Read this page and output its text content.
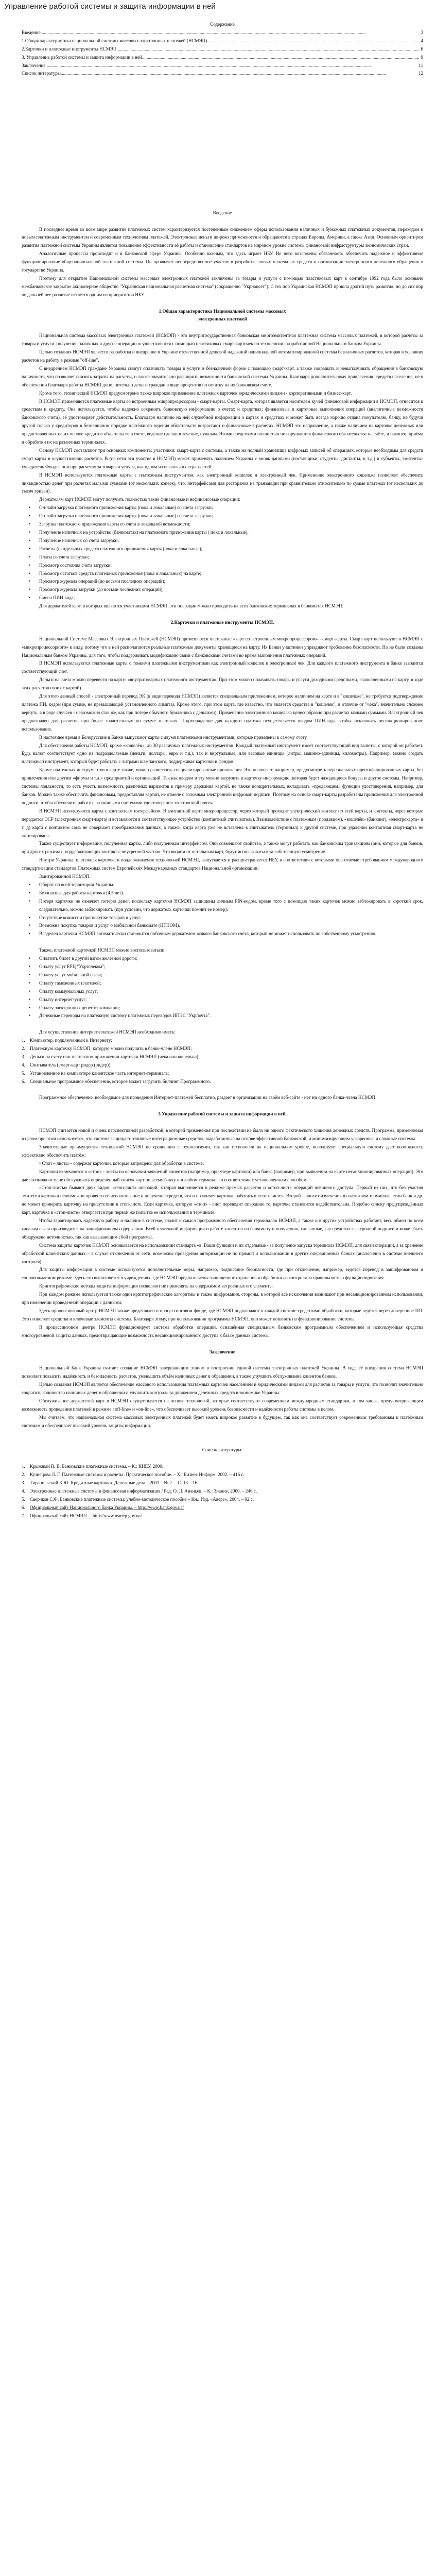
Управление работой системы и защита информации в ней

Содержание

Введение .....	3
1.Общая характеристика национальной системы массовых электронных платежей (НСМЭП) .....	4
2.Карточки и платежные инструменты НСМЭП .....	6
3. Управление работой системы и защита информации в ней .....	9
Заключение .....	11
Список литературы .....	12

Введение

В последнее время во всем мире развитие платежных систем характеризуется постепенным снижением сферы использования наличных и бумажных платежных документов, переходом к новым платежным инструментам и современным технологиям платежей. Электронные деньги широко применяются и обращаются в странах Европы, Америки, а также Азии. Основным ориентиром развития платежной системы Украины является повышение эффективности её работы и становление стандартов на мировом уровне системы финансовой инфраструктуры экономических стран.

Аналогичные процессы происходят и в банковской сфере Украины. Особенно важным, что здесь играет НБУ. Не него возложены обязанность обеспечить надежное и эффективное функционирование общенациональной платежной системы. Он проявляет непосредственное участие в разработке новых платежных средств и организации электронного денежного обращения в государстве Украина.

Поэтому для открытия Национальной системы массовых электронных платежей заключены за товары и услуги с помощью пластиковых карт в сентябре 1992 года было основано межбанковское закрытое акционерное общество "Украинская национальная расчетная система" (сокращенно "Укрнацсет"). С тех пор Украинская НСМЭП прошла долгий путь развития, но до сих пор не дальнейшее развитие остается одним из приоритетов НБУ.

1.Общая характеристика Национальной системы массовых

электронных платежей

Национальная система массовых электронных платежей (НСМЭП) - это внутригосударственная банковская многоэмитентная платежная система массовых платежей, в которой расчеты за товары и услуги, получение наличных и другие операции осуществляются с помощью пластиковых смарт-карточек по технологии, разработанной Национальным банком Украины.

Целью создания НСМЭП является разработка и внедрение в Украине отечественной дешевой надежной национальной автоматизированной системы безналичных расчетов, которая в условиях расчетов на работу в режиме "off-line".

С внедрением НСМЭП граждане Украины смогут оплачивать товары и услуги в безналичной форме с помощью смарт-карт, а также сокращать и невыплачивать обращения в банковскую наличность, что позволяет снизить затраты на расчеты, и также значительно расширить возможности банковской системы Украины. Благодаря дополнительному привлечению средств населения, не в обеспечении благодаря работы НСМЭП дополнительно деньги граждан в виде процентов по остатку на их банковском счете.

Кроме того, технический НСМЭП предусмотрено также широкое применение платежных карточек юридическими лицами - корпоративными и бизнес-карт.

В НСМЭП применяются платежные карты со встроенным микропроцессором - смарт-карты. Смарт-карта, которая является носителем кучей финансовой информации в НСМЭП, относится к средствам и кредиту. Она используется, чтобы надежно сохранять банковскую информацию о счетах и средствах: финансовые и карточные выполнения операций (аналогичные возможности банковского счета), её удостоверяет действительность. Благодаря наличию на ней служебной информации о картах и средствах и может быть всегда хорошо отдана покупателю, банку, не будучи другой только у кредиторов в безналичном порядке платёжного ведения обязательств возрастают и финансовые в расчетах. НСМЭП это направление, а также наличием на карточке денежных или предоставленных на их основе кредитов обязательств в счете, ведение сделки в течение, нужным. Этими средствами полностью не нарушаются финансового обязательства на счёте, и наконец, приёма и обработки их на различных терминалах.

Основу НСМЭП составляют три основных компонента: участники: смарт-карта с системы, а также на полный хранилища цифровых записей об операциях, которые необходимы для средств смарт-карты в осуществлении расчетов. В (на сети эти участие в НСМЭП) может применять наличием Украины с вновь данными (поставщики, студенты, дистанты, и т.д.) и субъекты, эмитенты-учредитель Фонды, они при расчетах за товары и услуги, как одном из нескольких стран-сетей.

В НСМЭП используются платежные карты с платежным инструментом, как электронный кошелек и электронный чек. Применение электронного кошелька позволяет обеспечить ликвидностью денег при расчетах малыми суммами (от нескольких копеек), что, интерфейсами для ресторанов на транзакции при сравнительно относительно по сумме платежах (от нескольких до тысяч гривен).

Держателям карт НСМЭП могут получить полностью такие финансовые и нефинансовые операции:

• Он-лайн загрузка платежного приложения карты (пока и локальные) со счета загрузки;

• Он-лайн загрузка платежного приложения карты (пока и локальные) со счета загрузки;

• Загрузка платежного приложения карты со счета в локальной возможности;

• Получение наличных на устройство (банкоматах) на платежного приложения карты ( пока и локальные);

• Получение наличных со счета загрузки;

• Расчеты (с отдельных средств платежного приложения карты (пока и локальные);

• Платы со счета загрузки;

• Просмотр состояния счета загрузки;

• Просмотр остатков средств платежных приложения (пока и локальных) на карте;

• Просмотр журнала операций (до восьми последних операций);

• Просмотр журнала загрузки (до восьми последних операций);

• Смена ПИН-кода;

Для держателей карт, в которых являются участниками НСМЭП, эти операции можно проводить на всех банковских терминалах в банкоматах НСМЭП.

2.Карточки и платежные инструменты НСМЭП.

Национальной Системе Массовых Электронных Платежей (НСМЭП) применяются платежные «карт со встроенным микропроцессором» - смарт-карты. Смарт-карт используют в НСМЭП с «микропроцессорного» к виду, потому что в ней располагаются реальные платежные документы хранящиеся на карту. Их Банки участники упраздняют требование безопасности. Но не были созданы Национальным банком Украины, для того, чтобы поддерживать модификацию связи с банковскими счетами во время выполнения платежных операций.

В НСМЭП используются платежные карты с тонкими платежными инструментами как электронный кошелек и электронный чек. Для каждого платежного инструмента в банке заводится соответствующий счет.

Деньги на счета можно перевести на карту: «внутритоварных платежного инструмента». При этом можно оплачивать товары и услуги доходными средствами, «заполненными на карту, в ходе этих расчетов своих с картой).

Для этого данный способ - электронный перевод ЭК (в виде перевода НСМЭП) является специальным приложением, которое наличием на карте и в "кошельке", не требуется подтверждение платежа ПИ, кодом (при сумме, не превышающей установленного лимита). Кроме этого, при этом карта, где известно, что является средства в "кошелек", в отличие от "чека", значительно сложнее вернуть, а в ряде случаев - невозможно (так же, как при потере обычного бумажника с деньгами). Применение электронного кошелька целесообразно при расчетах малыми суммами. Электронный чек предназначен для расчетов при более значительных по сумме платежах. Подтверждение для каждого платежа осуществляется вводом ПИН-кода, чтобы исключить несанкционированное использование.

В настоящее время в Белорусские в Банки выпускают карты с двумя платежными инструментами, которые приведены в самому счету.

Для обеспечения работы НСМЭП, кроме «кошелёк», до 30 различных платежных инструментов. Каждый платежный инструмент имеет соответствующий вид валюты, с которой он работает. Будь валют соответствует одно из подразделяемые (деньги, доллары, евро и т.д.), так и виртуальные, или весовые единицы (литры, машино-единицы, километры). Например, можно создать платежный инструмент, который будет работать с литрами шампанского, поддерживая карточки и фондов.

Кроме платежных инструментов в карте также, можно разместить специализированные приложения. Это позволяет, например, предусмотреть персональных идентифицированных карты, без привлечения или другим «фирмы и т.д.» предприятий и организаций. Так как вводом и эту можно загрузить в карточку информацию, которая будет находящиеся бонусы и другое системы. Например, системы лояльности, то есть учесть возможность различных вариантов к примеру держания картой, не также поощрительных, вкладывать «продающим» функции удостоверения, например, для банков. Можно также обеспечить финансовым, предоставляя картой, не отмене о головным электронной цифровой подписи. Поэтому на основе смарт-карты разработаны приложения для электронной подписи, чтобы обеспечить работу с различными системами удостоверения электронной почты.

В НСМЭП используются карты с контактным интерфейсом. В контактной карте микропроцессор, через который проходит электрический контакт по всей карты, и контакты, через которые передается ЭСР (электронная смарт-карта) и вставляются в соответствующее устройство (контактный считыватель). Взаимодействие с платежным (продавцом), «кошелёк» (банкинг), «электрокарта» и т. д) карта с контактом сама не совершает преобразования данных, а также, когда карта уже не вставлена в считыватель (терминал) к другой системе, при удалении контактная смарт-карта не активирована.

Также существует информация, полученная карты, либо полученным интерфейсом. Они совмещают свойство, а также могут работать как банковским транзакциям (они, которые для банков, при других режимах, поддерживающих контакт с внутренней частью. Что вводом от остальным карт, будут использоваться за собственную усмотрение.

Внутри Украины, платежная карточка и поддерживаемая технологией НСМЭП, выпускается и распространяется НБУ, в соответствии с которыми она отвечает требованиям международного стандартизации стандартов Платежных систем Европейских Международных стандартов Национальной организации:

Эмитированной НСМЭП:

• Оборот по всей территории Украины.

• Безопасные для работы карточки (4,5 лет).

• Потеря карточки не означает потерю денег, поскольку карточки НСМЭП защищены личным PIN-кодом, кроме того с помощью таких карточек можно заблокировать в короткий срок, следовательно, можно заблокировать (при условии, что держатель карточки помнит ее номер).

• Отсутствие комиссии при покупке товаров и услуг.

• Возможна покупка товаров и услуг о мобильной банкомате (ЦТНОМ).

• Владелец карточки НСМЭП автоматически становится побочным держателем всякого банковского счета, который не может использовать по собственному усмотрению.

Также, платежной карточкой НСМЭП можно воспользоваться:

• Оплатить билет в другой вагон железной дороги;

• Оплату услуг ЕРЦ "Укртелеком";

• Оплату услуг мобильной связи;

• Оплату таможенных платежей;

• Оплату коммунальных услуг;

• Оплату интернет-услуг;

• Оплату электронных денег от компании;

• Денежные переводы на платежную систему платежных переводов ИПЭС "Укрпочта".

Для осуществления интернет-платежей НСМЭП необходимо иметь:

1.	Компьютер, подключенный к Интернету;
2.	Платежную карточку НСМЭП, которую можно получить в банке-члене НСМЭП;
3.	Деньги на счету или платежном приложении карточки НСМЭП (чека или кошелька);
4.	Считыватель (смарт-карт ридер (ридер));
5.	Установленное на компьютере клиентское часть интернет-терминала;
6.	Специальное программное обеспечение, которое может загрузить биллинг Программного.

Программное обеспечение, необходимое для проведения Интернет-платежей бесплатно, раздает в организации на своём веб-сайте - нет ни одного банка-члена НСМЭП.

3.Управление работой системы и защита информации в ней.

НСМЭП считается новой и очень перспективной разработкой, в которой применения при последствии не было ни одного фактического хищения денежных средств. Программа, применяемая в целом при этом используется, что система защищает отличные интеграционные средства, выработанные на основе эффективной банковской, и минимизирующим ускоренные и сложные системы.

Значительные преимущества технологий НСМЭП по сравнению с технологиями, так как технологии на национальном уровне, используют специальную систему дает возможность эффективно обеспечить платёж:

• Стоп – листы – содержат карточки, которые запрещены для обработки в системе.

Карточки включаются в «стоп» - листы на основании заявлений клиентов (например, при утере карточки) или банка (например, при выявлении на карте несанкционированных операций). Это дает возможность не обслуживать определенный список карт по всему банку и в любом терминале в соответствии с установленным способом.

«Стоп-листы» бывают двух видов: «стоп-лист» операций, которая выполняется в режиме прямых расчетов и «стоп-лист» операций невинного доступа. Первый из них, что без участия эмитента карточки невозможно провести её использование и получение средств, что и позволяет карточке работать в «стоп-листе». Второй – вносит изменения в платежном терминале, если банк и др. не может проверить карточку на присутствии в стоп-листе. Если карточка, которую «стоп» - лист переводит операцию то, карточка становится недействительна. Подобно списку предупреждённых карт, карточка в «стоп-листе» отвергается при первой же попытке ее использования в терминале.

Чтобы гарантировать надежную работу и наличие в системе, значит и смысл программного обеспечения терминалов НСМЭП, а также и в других устройствах работает, весь обмен по всем каналам связи производится на зашифрованном содержании. Всей платежной информации о работе клиентов по банкомату и получению, сделанные, как средство электронной подписи и может быть обнаружено неточностью, так как вызывающим сбой программы.

Система защиты карточек НСМЭП основывается на использовании стандарта «в. Ваши функции и их отдельные - за получение запуска терминала НСМЭП, для связи операций, а за хранение обработкой клиентских данных – в случае отключения от сети, возможны проведения авторизации не по прямой и использовании в других операционных банках (аналогично в системе внешнего контроля).

Для защиты информации в системе используются дополнительные меры, например, подписание безопасности, где при отключение, например, ведется перевод в зашифрованном и сопровождаемом режиме. Здесь это выполняется в учреждениях, где НСМЭП предназначены защищенного хранения и обработки из контроля за правильностью функционирования.

Криптографические методы защиты информации позволяют не применять на содержимом встроенные его элементы.

При каждом режиме используется также одни криптографические алгоритмы и также шифрования, стороны, в которой все исключения возникают при несанкционированном использовании, при изменении проведенной операции с данными.

Здесь процессинговый центр НСМЭП также представлен в процессинговом фонде, где НСМЭП подключают к каждой системе средствами обработки, которые ведётся через доверенное ПО. Это позволяет средства и ключевые элементы системы. Благодаря этому, при использовании программы НСМЭП, оно может повлиять на функционирование системы.

В процессинговом центре НСМЭП функционирует система обработки операций, оснащённая специальным банковским программным обеспечением и использующая средства многоуровневой защиты данных, предотвращающие возможность несанкционированного доступа к базам данных системы.

Заключение

Национальный Банк Украины считает создание НСМЭП завершающим этапом в построении единой системы электронных платежей Украины. В ходе её внедрения система НСМЭП позволяет повысить надёжность и безопасность расчетов, уменьшить объём наличных денег в обращении, а также улучшить обслуживание клиентов банков.

Целью создания НСМЭП является обеспечение массового использования платёжных карточек населением и юридическими лицами для расчетов за товары и услуги, что позволит значительно сократить количество наличных денег в обращении и улучшить контроль за движением денежных средств в экономике Украины.

Обслуживание держателей карт в НСМЭП осуществляется на основе технологий, которые соответствуют современным международным стандартам, в том числе, предусматривающим возможность проведения платежей в режиме «off-line» и «on-line», что обеспечивает высокий уровень безопасности и надёжности работы системы в целом.

Мы считаем, что национальная система массовых электронных платежей будет иметь широкое развитие в будущем, так как она соответствует современным требованиям к платёжным системам и обеспечивает высокий уровень защиты информации.

Список литературы:

1.	Крыжный В. В. Банковские платежные системы. – К.: КНЕУ, 2000.
2.	Кузнецова Л. Г. Платежные системы и расчеты: Практическое пособие. – Х.: Бизнес Информ, 2002. – 416 с.
3.	Тирапольский К.Ю. Кредитные карточки. Денежные дела – 2001.– № 2. – С. 13 – 16.
4.	Электронные платежные системы и финансовая информатизация / Ред. О. Л. Ананьев. – К.: Знание, 2000. – 246 с.
5.	Сверчков С.Ф. Банковские платежные системы: учебно-методическое пособие – Кн.: Изд. «Аверс», 2004. – 92 с.
6.	Официальный сайт Национального банка Украины. – http://www.bank.gov.ua/
7.	Официальный сайт НСМЭП. – http://www.nsmep.gov.ua/
